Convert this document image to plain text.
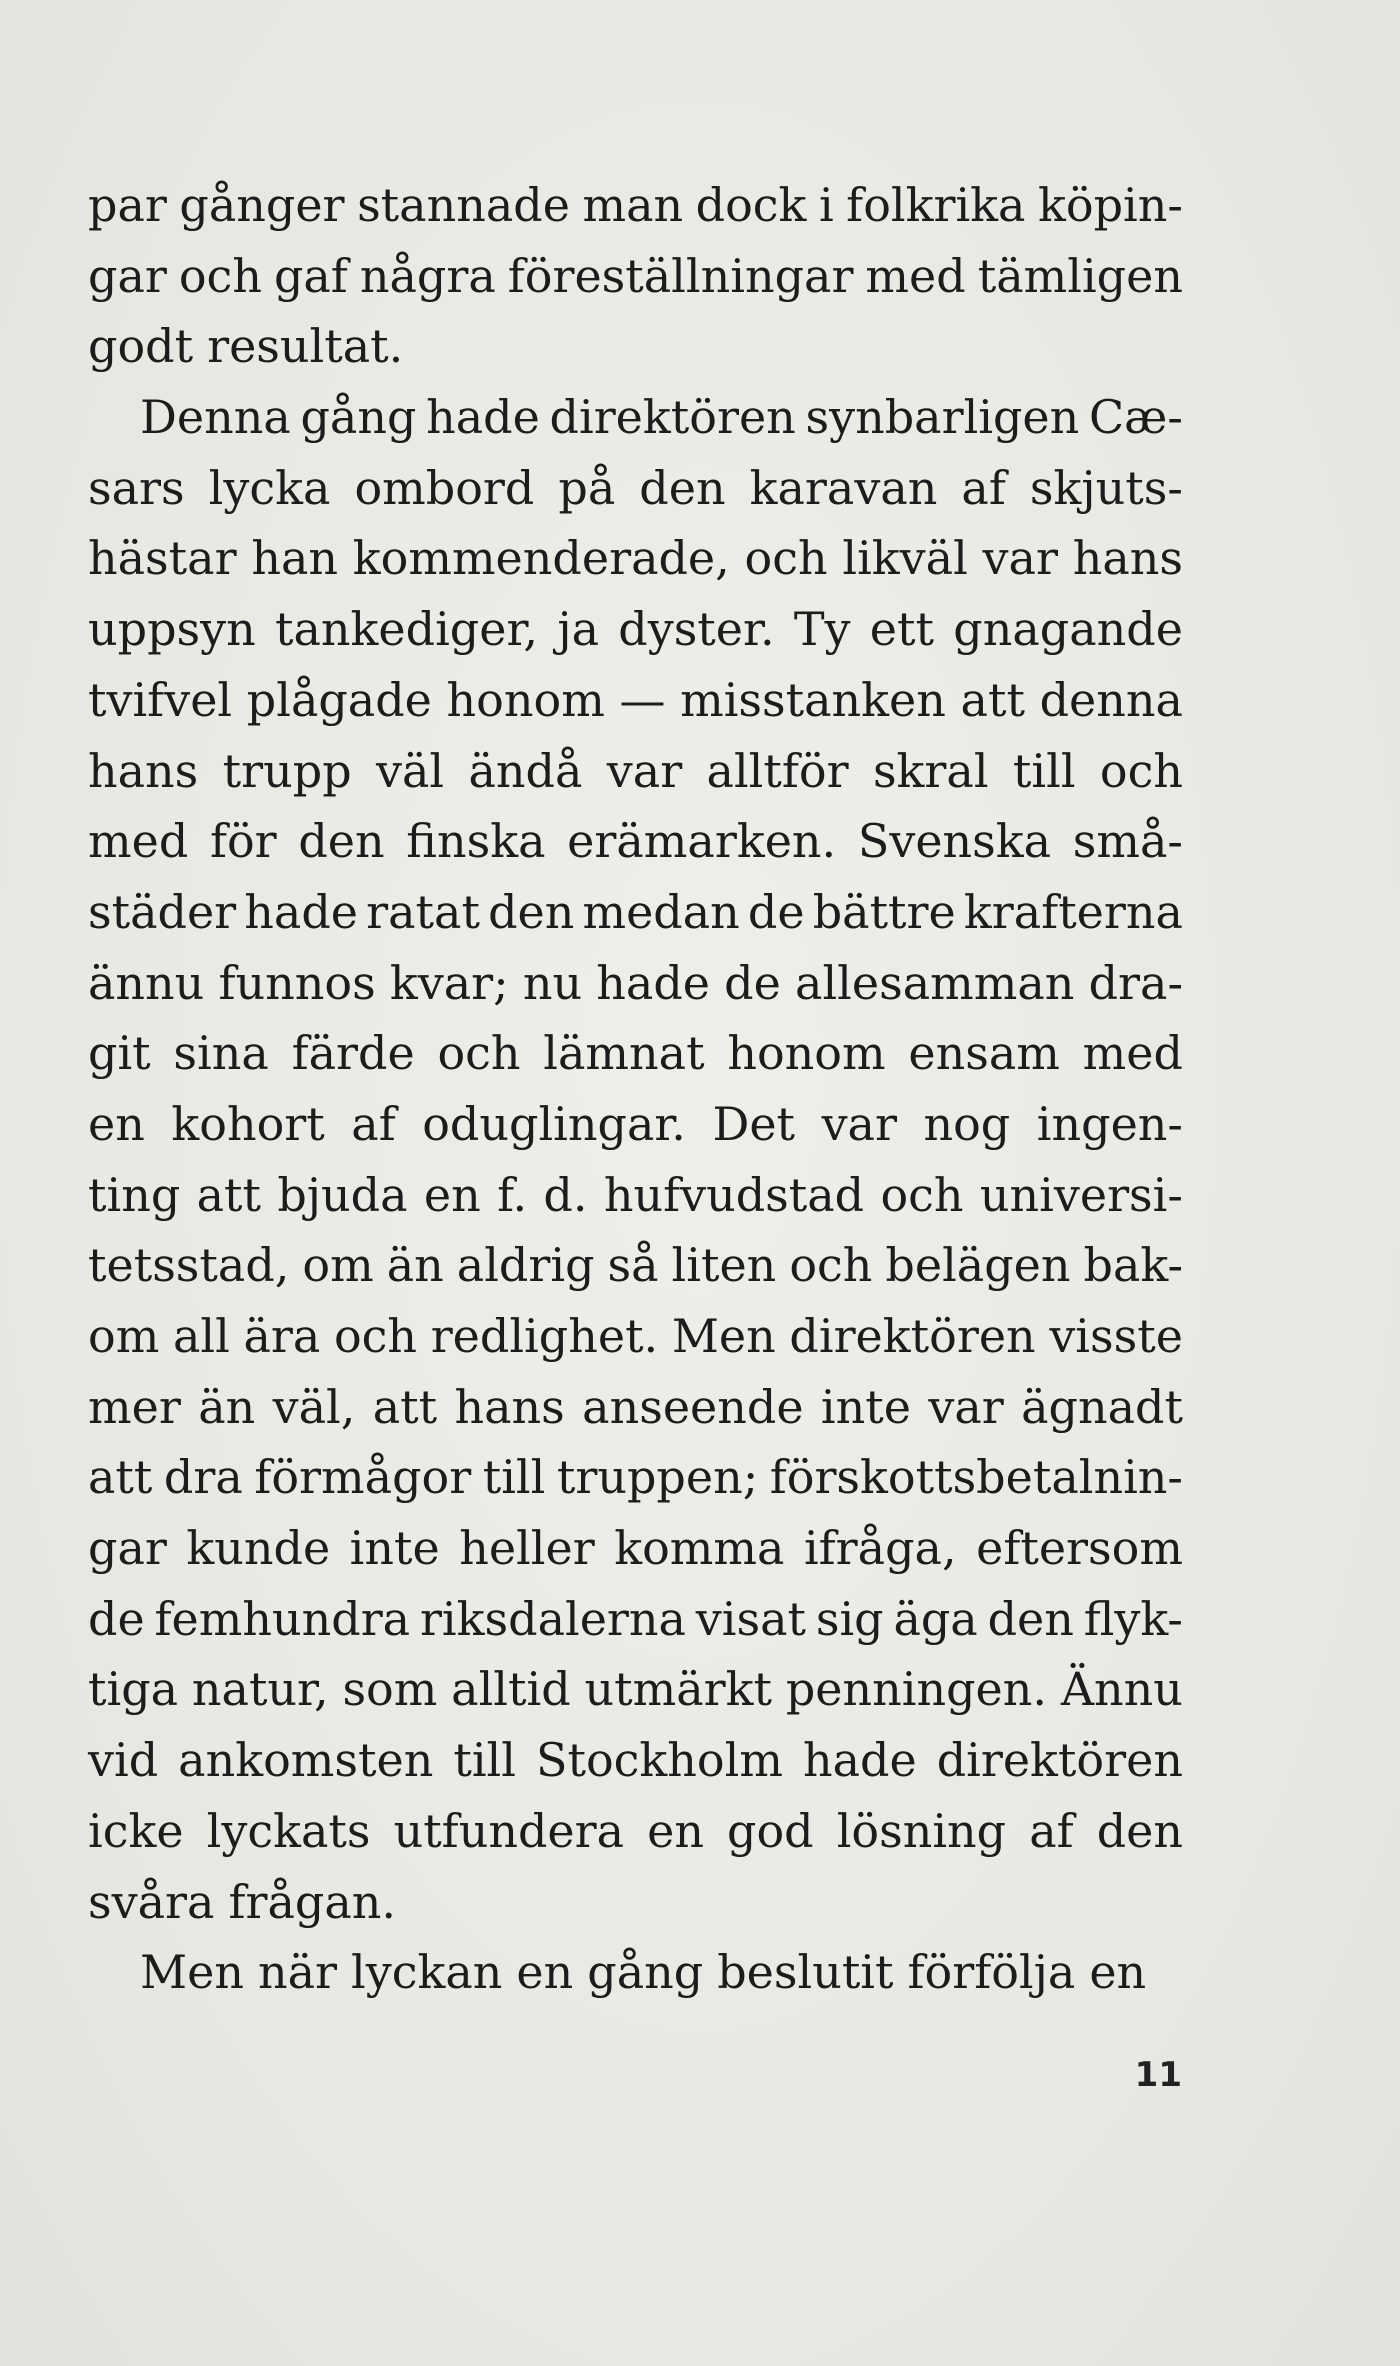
par gånger stannade man dock i folkrika köpin-
gar och gaf några föreställningar med tämligen
godt resultat.
Denna gång hade direktören synbarligen Cæ-
sars lycka ombord på den karavan af skjuts-
hästar han kommenderade, och likväl var hans
uppsyn tankediger, ja dyster. Ty ett gnagande
tvifvel plågade honom — misstanken att denna
hans trupp väl ändå var alltför skral till och
med för den finska erämarken. Svenska små-
städer hade ratat den medan de bättre krafterna
ännu funnos kvar; nu hade de allesamman dra-
git sina färde och lämnat honom ensam med
en kohort af oduglingar. Det var nog ingen-
ting att bjuda en f. d. hufvudstad och universi-
tetsstad, om än aldrig så liten och belägen bak-
om all ära och redlighet. Men direktören visste
mer än väl, att hans anseende inte var ägnadt
att dra förmågor till truppen; förskottsbetalnin-
gar kunde inte heller komma ifråga, eftersom
de femhundra riksdalerna visat sig äga den flyk-
tiga natur, som alltid utmärkt penningen. Ännu
vid ankomsten till Stockholm hade direktören
icke lyckats utfundera en god lösning af den
svåra frågan.
Men när lyckan en gång beslutit förfölja en
11
